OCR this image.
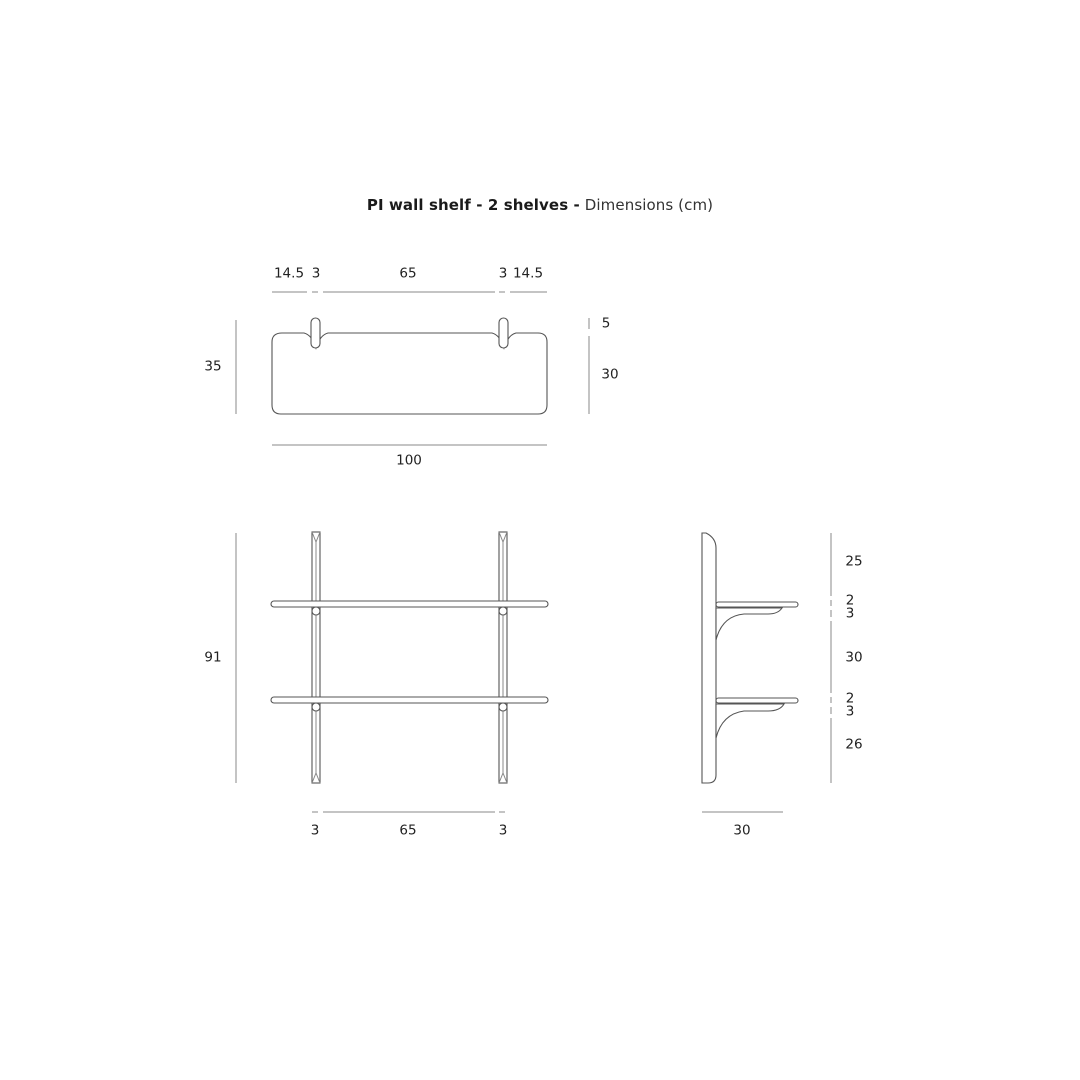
PI wall shelf - 2 shelves - Dimensions (cm)
14.5 3	65	3 14.5
35
5
30
100
91
3	65	3
25
2
3
30
2
3
26
30
